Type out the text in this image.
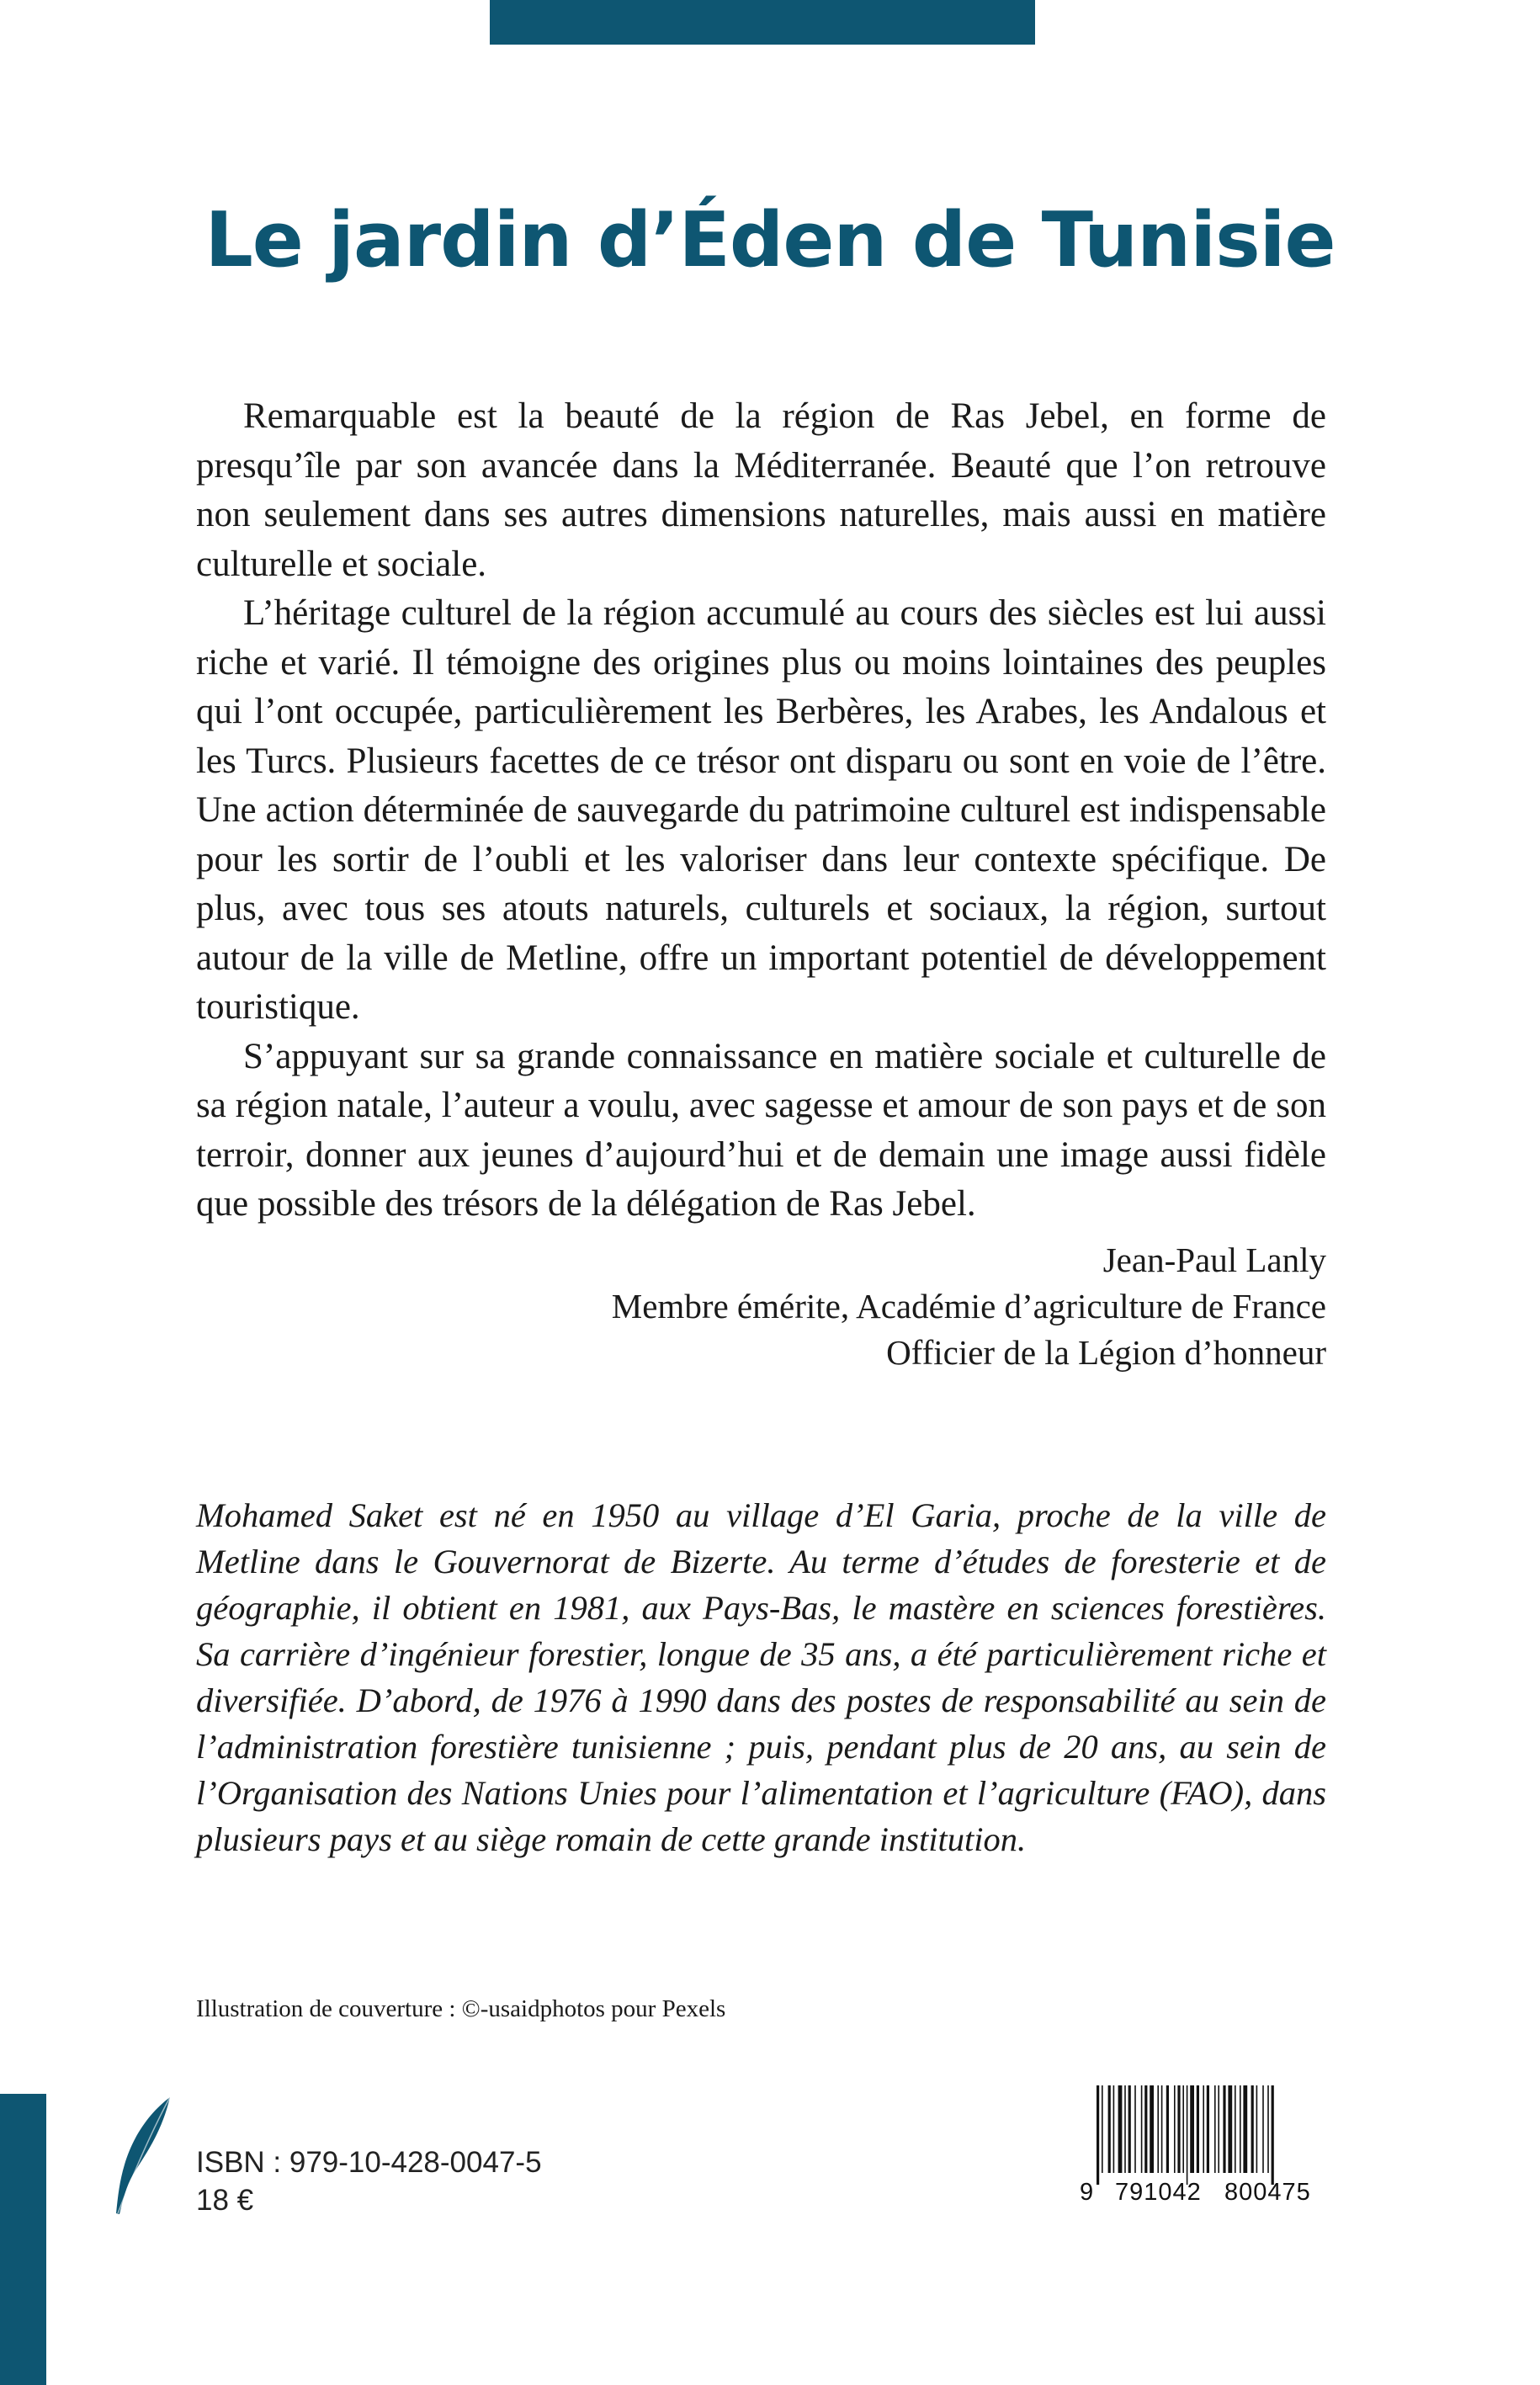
Le jardin d’Éden de Tunisie

Remarquable est la beauté de la région de Ras Jebel, en forme de presqu’île par son avancée dans la Méditerranée. Beauté que l’on retrouve non seulement dans ses autres dimensions naturelles, mais aussi en matière culturelle et sociale.

L’héritage culturel de la région accumulé au cours des siècles est lui aussi riche et varié. Il témoigne des origines plus ou moins lointaines des peuples qui l’ont occupée, particulièrement les Berbères, les Arabes, les Andalous et les Turcs. Plusieurs facettes de ce trésor ont disparu ou sont en voie de l’être. Une action déterminée de sauvegarde du patrimoine culturel est indispensable pour les sortir de l’oubli et les valoriser dans leur contexte spécifique. De plus, avec tous ses atouts naturels, culturels et sociaux, la région, surtout autour de la ville de Metline, offre un important potentiel de développement touristique.

S’appuyant sur sa grande connaissance en matière sociale et culturelle de sa région natale, l’auteur a voulu, avec sagesse et amour de son pays et de son terroir, donner aux jeunes d’aujourd’hui et de demain une image aussi fidèle que possible des trésors de la délégation de Ras Jebel.

Jean-Paul Lanly
Membre émérite, Académie d’agriculture de France
Officier de la Légion d’honneur

Mohamed Saket est né en 1950 au village d’El Garia, proche de la ville de Metline dans le Gouvernorat de Bizerte. Au terme d’études de foresterie et de géographie, il obtient en 1981, aux Pays-Bas, le mastère en sciences forestières. Sa carrière d’ingénieur forestier, longue de 35 ans, a été particulièrement riche et diversifiée. D’abord, de 1976 à 1990 dans des postes de responsabilité au sein de l’administration forestière tunisienne ; puis, pendant plus de 20 ans, au sein de l’Organisation des Nations Unies pour l’alimentation et l’agriculture (FAO), dans plusieurs pays et au siège romain de cette grande institution.

Illustration de couverture : ©-usaidphotos pour Pexels
ISBN : 979-10-428-0047-5
18 €	9 791042 800475
